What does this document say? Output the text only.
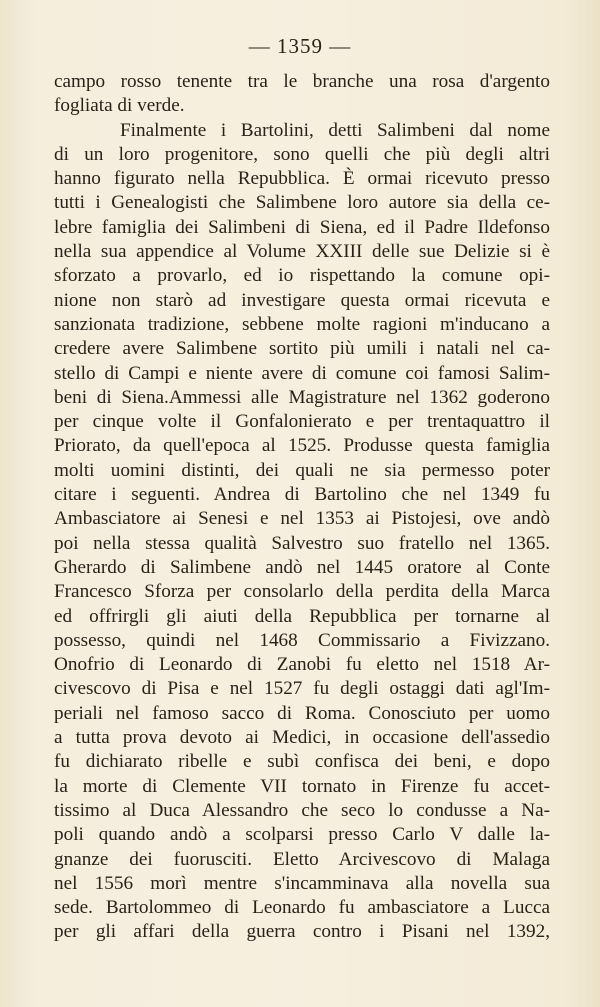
— 1359 —
campo rosso tenente tra le branche una rosa d'argento
fogliata di verde.
Finalmente i Bartolini, detti Salimbeni dal nome
di un loro progenitore, sono quelli che più degli altri
hanno figurato nella Repubblica. È ormai ricevuto presso
tutti i Genealogisti che Salimbene loro autore sia della ce-
lebre famiglia dei Salimbeni di Siena, ed il Padre Ildefonso
nella sua appendice al Volume XXIII delle sue Delizie si è
sforzato a provarlo, ed io rispettando la comune opi-
nione non starò ad investigare questa ormai ricevuta e
sanzionata tradizione, sebbene molte ragioni m'inducano a
credere avere Salimbene sortito più umili i natali nel ca-
stello di Campi e niente avere di comune coi famosi Salim-
beni di Siena.Ammessi alle Magistrature nel 1362 goderono
per cinque volte il Gonfalonierato e per trentaquattro il
Priorato, da quell'epoca al 1525. Produsse questa famiglia
molti uomini distinti, dei quali ne sia permesso poter
citare i seguenti. Andrea di Bartolino che nel 1349 fu
Ambasciatore ai Senesi e nel 1353 ai Pistojesi, ove andò
poi nella stessa qualità Salvestro suo fratello nel 1365.
Gherardo di Salimbene andò nel 1445 oratore al Conte
Francesco Sforza per consolarlo della perdita della Marca
ed offrirgli gli aiuti della Repubblica per tornarne al
possesso, quindi nel 1468 Commissario a Fivizzano.
Onofrio di Leonardo di Zanobi fu eletto nel 1518 Ar-
civescovo di Pisa e nel 1527 fu degli ostaggi dati agl'Im-
periali nel famoso sacco di Roma. Conosciuto per uomo
a tutta prova devoto ai Medici, in occasione dell'assedio
fu dichiarato ribelle e subì confisca dei beni, e dopo
la morte di Clemente VII tornato in Firenze fu accet-
tissimo al Duca Alessandro che seco lo condusse a Na-
poli quando andò a scolparsi presso Carlo V dalle la-
gnanze dei fuorusciti. Eletto Arcivescovo di Malaga
nel 1556 morì mentre s'incamminava alla novella sua
sede. Bartolommeo di Leonardo fu ambasciatore a Lucca
per gli affari della guerra contro i Pisani nel 1392,
